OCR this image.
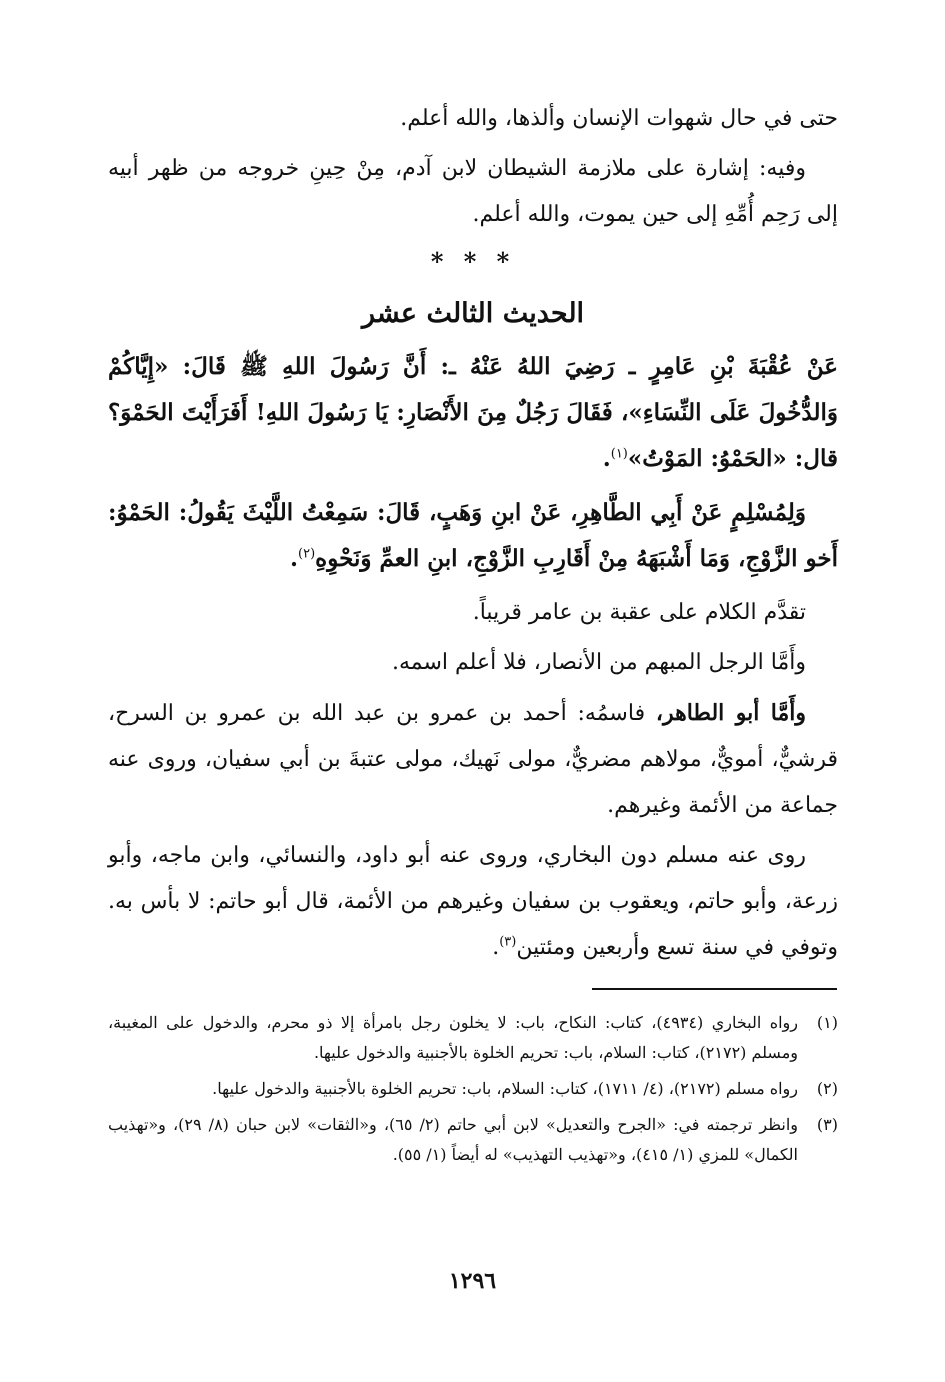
حتى في حال شهوات الإنسان وألذها، والله أعلم.

وفيه: إشارة على ملازمة الشيطان لابن آدم، مِنْ حِينِ خروجه من ظهر أبيه إلى رَحِم أُمِّهِ إلى حين يموت، والله أعلم.

* * *
الحديث الثالث عشر

عَنْ عُقْبَةَ بْنِ عَامِرٍ ـ رَضِيَ اللهُ عَنْهُ ـ: أَنَّ رَسُولَ اللهِ ﷺ قَالَ: «إِيَّاكُمْ وَالدُّخُولَ عَلَى النِّسَاءِ»، فَقَالَ رَجُلٌ مِنَ الأَنْصَارِ: يَا رَسُولَ اللهِ! أَفَرَأَيْتَ الحَمْوَ؟ قال: «الحَمْوُ: المَوْتُ»$^{(١)}$.

وَلِمُسْلِمٍ عَنْ أَبِي الطَّاهِرِ، عَنْ ابنِ وَهَبٍ، قَالَ: سَمِعْتُ اللَّيْثَ يَقُولُ: الحَمْوُ: أَخو الزَّوْجِ، وَمَا أَشْبَهَهُ مِنْ أَقَارِبِ الزَّوْجِ، ابنِ العمِّ وَنَحْوِهِ$^{(٢)}$.

تقدَّم الكلام على عقبة بن عامر قريباً.

وأَمَّا الرجل المبهم من الأنصار، فلا أعلم اسمه.

وأَمَّا أبو الطاهر، فاسمُه: أحمد بن عمرو بن عبد الله بن عمرو بن السرح، قرشيٌّ، أمويٌّ، مولاهم مضريٌّ، مولى نَهيك، مولى عتبةَ بن أبي سفيان، وروى عنه جماعة من الأئمة وغيرهم.

روى عنه مسلم دون البخاري، وروى عنه أبو داود، والنسائي، وابن ماجه، وأبو زرعة، وأبو حاتم، ويعقوب بن سفيان وغيرهم من الأئمة، قال أبو حاتم: لا بأس به. وتوفي في سنة تسع وأربعين ومئتين$^{(٣)}$.

(١)
رواه البخاري (٤٩٣٤)، كتاب: النكاح، باب: لا يخلون رجل بامرأة إلا ذو محرم، والدخول على المغيبة، ومسلم (٢١٧٢)، كتاب: السلام، باب: تحريم الخلوة بالأجنبية والدخول عليها.
(٢)
رواه مسلم (٢١٧٢)، (٤/ ١٧١١)، كتاب: السلام، باب: تحريم الخلوة بالأجنبية والدخول عليها.
(٣)
وانظر ترجمته في: «الجرح والتعديل» لابن أبي حاتم (٢/ ٦٥)، و«الثقات» لابن حبان (٨/ ٢٩)، و«تهذيب الكمال» للمزي (١/ ٤١٥)، و«تهذيب التهذيب» له أيضاً (١/ ٥٥).
١٢٩٦
